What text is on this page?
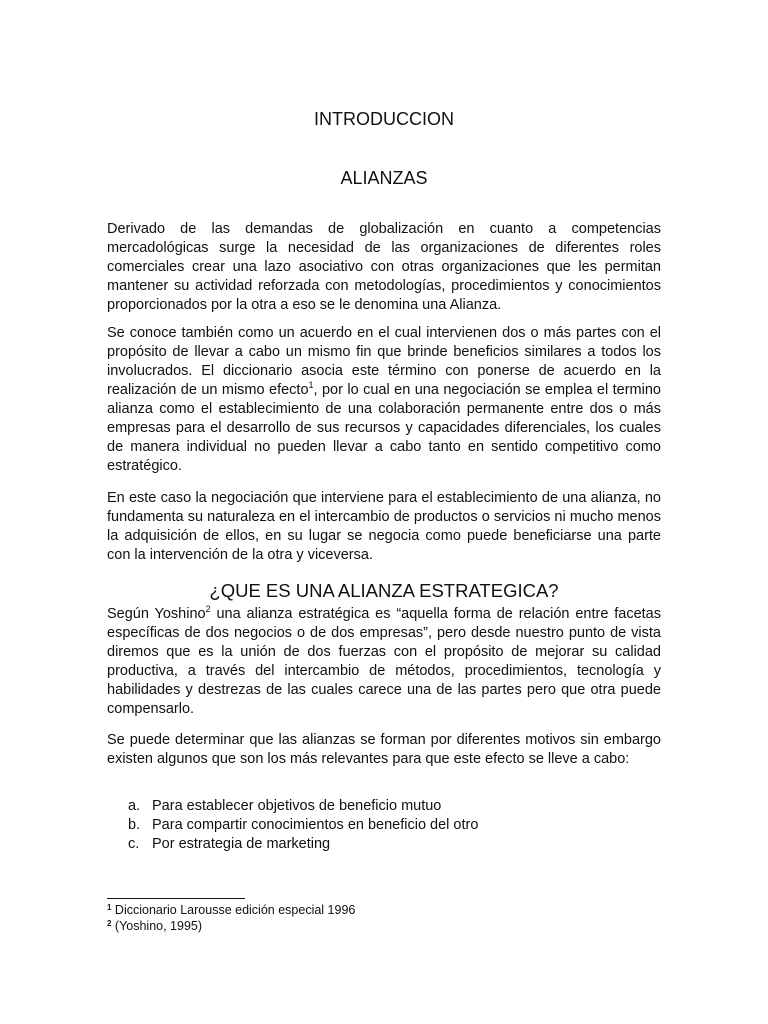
INTRODUCCION
ALIANZAS

Derivado de las demandas de globalización en cuanto a competencias mercadológicas surge la necesidad de las organizaciones de diferentes roles comerciales crear una lazo asociativo con otras organizaciones que les permitan mantener su actividad reforzada con metodologías, procedimientos y conocimientos proporcionados por la otra a eso se le denomina una Alianza.

Se conoce también como un acuerdo en el cual intervienen dos o más partes con el propósito de llevar a cabo un mismo fin que brinde beneficios similares a todos los involucrados. El diccionario asocia este término con ponerse de acuerdo en la realización de un mismo efecto$^1$, por lo cual en una negociación se emplea el termino alianza como el establecimiento de una colaboración permanente entre dos o más empresas para el desarrollo de sus recursos y capacidades diferenciales, los cuales de manera individual no pueden llevar a cabo tanto en sentido competitivo como estratégico.

En este caso la negociación que interviene para el establecimiento de una alianza, no fundamenta su naturaleza en el intercambio de productos o servicios ni mucho menos la adquisición de ellos, en su lugar se negocia como puede beneficiarse una parte con la intervención de la otra y viceversa.

¿QUE ES UNA ALIANZA ESTRATEGICA?

Según Yoshino$^2$ una alianza estratégica es “aquella forma de relación entre facetas específicas de dos negocios o de dos empresas”, pero desde nuestro punto de vista diremos que es la unión de dos fuerzas con el propósito de mejorar su calidad productiva, a través del intercambio de métodos, procedimientos, tecnología y habilidades y destrezas de las cuales carece una de las partes pero que otra puede compensarlo.

Se puede determinar que las alianzas se forman por diferentes motivos sin embargo existen algunos que son los más relevantes para que este efecto se lleve a cabo:

a. Para establecer objetivos de beneficio mutuo
b. Para compartir conocimientos en beneficio del otro
c. Por estrategia de marketing
$^1$ Diccionario Larousse edición especial 1996
$^2$ (Yoshino, 1995)
